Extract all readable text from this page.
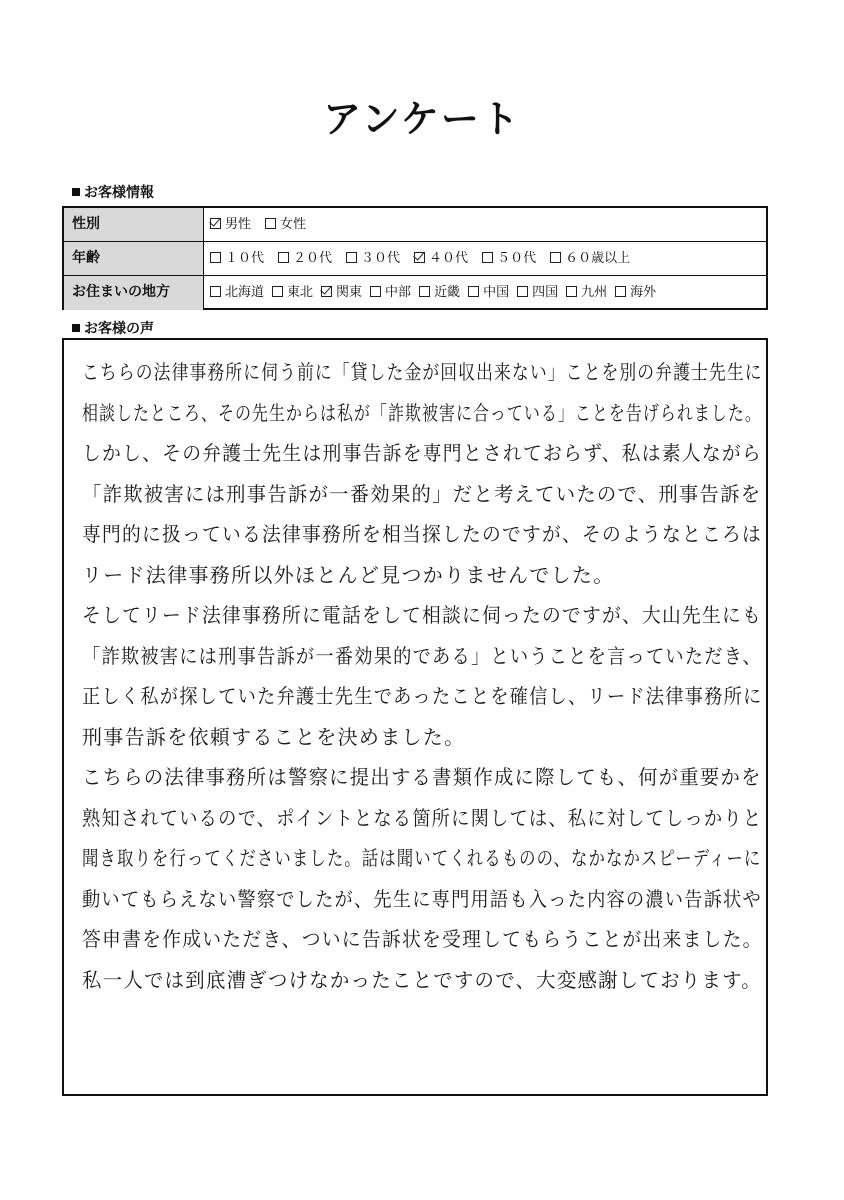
アンケート
お客様情報
性別	男性 女性
年齢	１０代 ２０代 ３０代 ４０代 ５０代 ６０歳以上
お住まいの地方	北海道 東北 関東 中部 近畿 中国 四国 九州 海外
お客様の声
こちらの法律事務所に伺う前に「貸した金が回収出来ない」ことを別の弁護士先生に
相談したところ、その先生からは私が「詐欺被害に合っている」ことを告げられました。
しかし、その弁護士先生は刑事告訴を専門とされておらず、私は素人ながら
「詐欺被害には刑事告訴が一番効果的」だと考えていたので、刑事告訴を
専門的に扱っている法律事務所を相当探したのですが、そのようなところは
リード法律事務所以外ほとんど見つかりませんでした。
そしてリード法律事務所に電話をして相談に伺ったのですが、大山先生にも
「詐欺被害には刑事告訴が一番効果的である」ということを言っていただき、
正しく私が探していた弁護士先生であったことを確信し、リード法律事務所に
刑事告訴を依頼することを決めました。
こちらの法律事務所は警察に提出する書類作成に際しても、何が重要かを
熟知されているので、ポイントとなる箇所に関しては、私に対してしっかりと
聞き取りを行ってくださいました。話は聞いてくれるものの、なかなかスピーディーに
動いてもらえない警察でしたが、先生に専門用語も入った内容の濃い告訴状や
答申書を作成いただき、ついに告訴状を受理してもらうことが出来ました。
私一人では到底漕ぎつけなかったことですので、大変感謝しております。
